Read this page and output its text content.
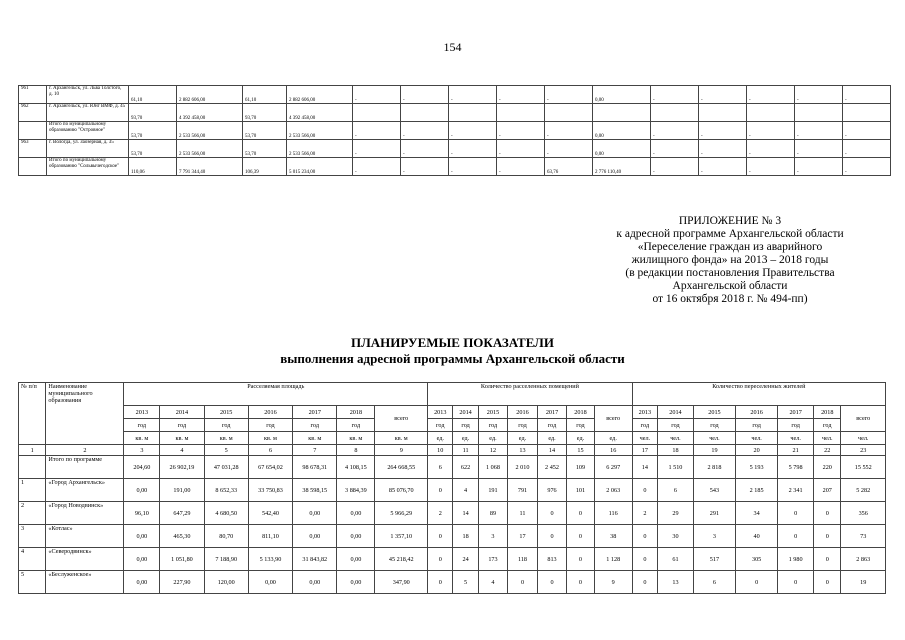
154
961	г. Архангельск, ул. Льва Толстого, д. 10	61,10	2 882 606,00	61,10	2 882 606,00	-	-	-	-	-	0,00	-	-	-	-	-
962	г. Архангельск, ул. Юнг ВМФ, д. 45	93,70	4 392 458,00	93,70	4 392 458,00											
	Итого по муниципальному образованию "Островное"	53,70	2 533 566,00	53,70	2 533 566,00	-	-	-	-	-	0,00	-	-	-	-	-
963	г. Вологда, ул. Заозерная, д. 35	53,70	2 533 566,00	53,70	2 533 566,00	-	-	-	-	-	0,00	-	-	-	-	-
	Итого по муниципальному образованию "Сольвычегодское"	110,06	7 791 344,40	106,39	5 015 234,00	-	-	-	-	63,76	2 776 110,40	-	-	-	-	-
ПРИЛОЖЕНИЕ № 3
к адресной программе Архангельской области
«Переселение граждан из аварийного
жилищного фонда» на 2013 – 2018 годы
(в редакции постановления Правительства
Архангельской области
от 16 октября 2018 г. № 494-пп)
ПЛАНИРУЕМЫЕ ПОКАЗАТЕЛИ
выполнения адресной программы Архангельской области
№ п/п	Наименование муниципального образования	Расселяемая площадь							Количество расселенных помещений							Количество переселенных жителей						
		2013	2014	2015	2016	2017	2018	всего	2013	2014	2015	2016	2017	2018	всего	2013	2014	2015	2016	2017	2018	всего
		год	год	год	год	год	год		год	год	год	год	год	год		год	год	год	год	год	год	
		кв. м	кв. м	кв. м	кв. м	кв. м	кв. м	кв. м	ед.	ед.	ед.	ед.	ед.	ед.	ед.	чел.	чел.	чел.	чел.	чел.	чел.	чел.
1	2	3	4	5	6	7	8	9	10	11	12	13	14	15	16	17	18	19	20	21	22	23
	Итого по программе	204,60	26 902,19	47 031,28	67 654,02	98 678,31	4 108,15	264 668,55	6	622	1 068	2 010	2 452	109	6 297	14	1 510	2 818	5 193	5 798	220	15 552
1	«Город Архангельск»	0,00	191,00	8 652,33	33 750,83	38 598,15	3 884,39	85 076,70	0	4	191	791	976	101	2 063	0	6	543	2 185	2 341	207	5 282
2	«Город Новодвинск»	96,10	647,29	4 680,50	542,40	0,00	0,00	5 966,29	2	14	89	11	0	0	116	2	29	291	34	0	0	356
3	«Котлас»	0,00	465,30	80,70	811,10	0,00	0,00	1 357,10	0	18	3	17	0	0	38	0	30	3	40	0	0	73
4	«Северодвинск»	0,00	1 051,80	7 188,90	5 133,90	31 843,82	0,00	45 218,42	0	24	173	118	813	0	1 128	0	61	517	305	1 980	0	2 863
5	«Беслуженское»	0,00	227,90	120,00	0,00	0,00	0,00	347,90	0	5	4	0	0	0	9	0	13	6	0	0	0	19
